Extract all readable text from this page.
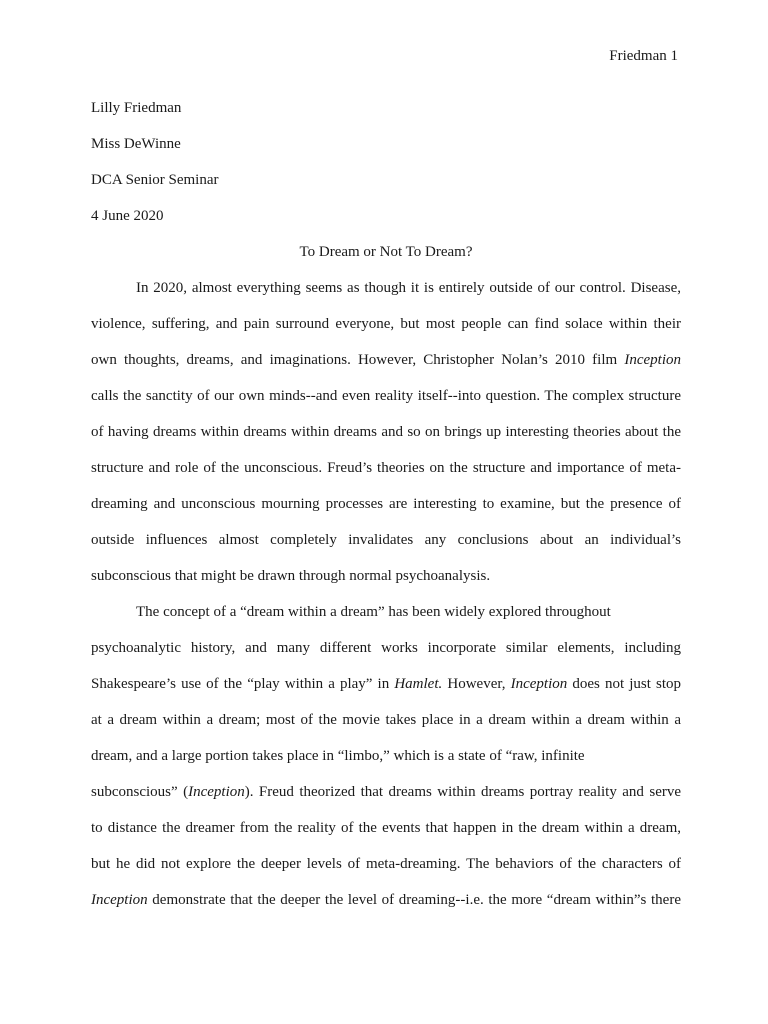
Friedman 1
Lilly Friedman
Miss DeWinne
DCA Senior Seminar
4 June 2020
To Dream or Not To Dream?
In 2020, almost everything seems as though it is entirely outside of our control. Disease,
violence, suffering, and pain surround everyone, but most people can find solace within their
own thoughts, dreams, and imaginations. However, Christopher Nolan’s 2010 film Inception
calls the sanctity of our own minds--and even reality itself--into question. The complex structure
of having dreams within dreams within dreams and so on brings up interesting theories about the
structure and role of the unconscious. Freud’s theories on the structure and importance of meta-
dreaming and unconscious mourning processes are interesting to examine, but the presence of
outside influences almost completely invalidates any conclusions about an individual’s
subconscious that might be drawn through normal psychoanalysis.
The concept of a “dream within a dream” has been widely explored throughout
psychoanalytic history, and many different works incorporate similar elements, including
Shakespeare’s use of the “play within a play” in Hamlet. However, Inception does not just stop
at a dream within a dream; most of the movie takes place in a dream within a dream within a
dream, and a large portion takes place in “limbo,” which is a state of “raw, infinite
subconscious” (Inception). Freud theorized that dreams within dreams portray reality and serve
to distance the dreamer from the reality of the events that happen in the dream within a dream,
but he did not explore the deeper levels of meta-dreaming. The behaviors of the characters of
Inception demonstrate that the deeper the level of dreaming--i.e. the more “dream within”s there
